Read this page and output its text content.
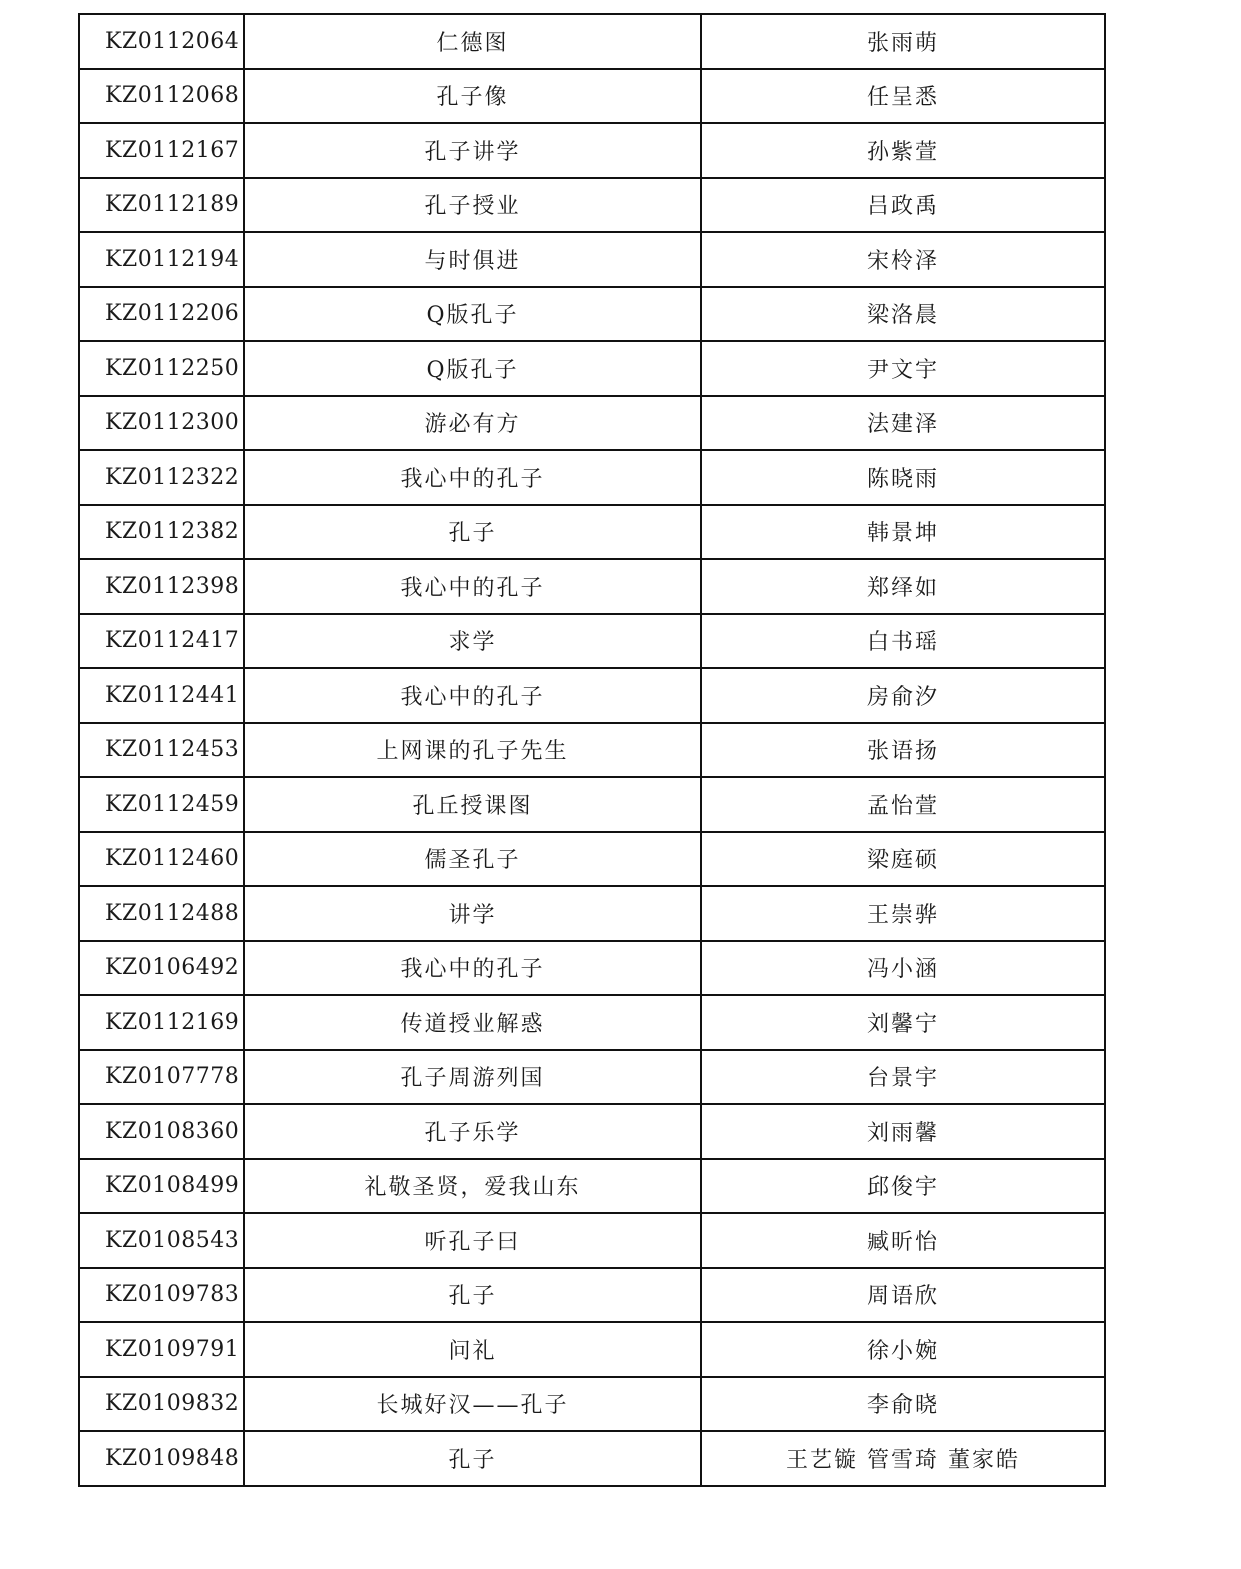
KZ0112064	仁德图	张雨萌
KZ0112068	孔子像	任呈悉
KZ0112167	孔子讲学	孙紫萱
KZ0112189	孔子授业	吕政禹
KZ0112194	与时俱进	宋柃泽
KZ0112206	Q版孔子	梁洛晨
KZ0112250	Q版孔子	尹文宇
KZ0112300	游必有方	法建泽
KZ0112322	我心中的孔子	陈晓雨
KZ0112382	孔子	韩景坤
KZ0112398	我心中的孔子	郑绎如
KZ0112417	求学	白书瑶
KZ0112441	我心中的孔子	房俞汐
KZ0112453	上网课的孔子先生	张语扬
KZ0112459	孔丘授课图	孟怡萱
KZ0112460	儒圣孔子	梁庭硕
KZ0112488	讲学	王崇骅
KZ0106492	我心中的孔子	冯小涵
KZ0112169	传道授业解惑	刘馨宁
KZ0107778	孔子周游列国	台景宇
KZ0108360	孔子乐学	刘雨馨
KZ0108499	礼敬圣贤，爱我山东	邱俊宇
KZ0108543	听孔子曰	臧昕怡
KZ0109783	孔子	周语欣
KZ0109791	问礼	徐小婉
KZ0109832	长城好汉——孔子	李俞晓
KZ0109848	孔子	王艺镟 管雪琦 董家皓
